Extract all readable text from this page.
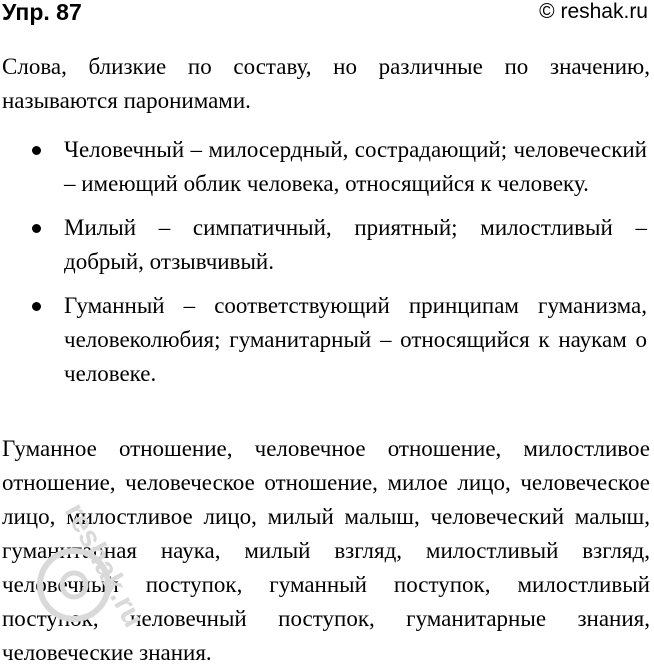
Упр. 87	© reshak.ru

Слова, близкие по составу, но различные по значению, называются паронимами.

Человечный – милосердный, сострадающий; человеческий – имеющий облик человека, относящийся к человеку.
Милый – симпатичный, приятный; милостливый – добрый, отзывчивый.
Гуманный – соответствующий принципам гуманизма, человеколюбия; гуманитарный – относящийся к наукам о человеке.

Гуманное отношение, человечное отношение, милостливое отношение, человеческое отношение, милое лицо, человеческое лицо, милостливое лицо, милый малыш, человеческий малыш, гуманитарная наука, милый взгляд, милостливый взгляд, человечный поступок, гуманный поступок, милостливый поступок, человечный поступок, гуманитарные знания, человеческие знания.

reshak.ru
